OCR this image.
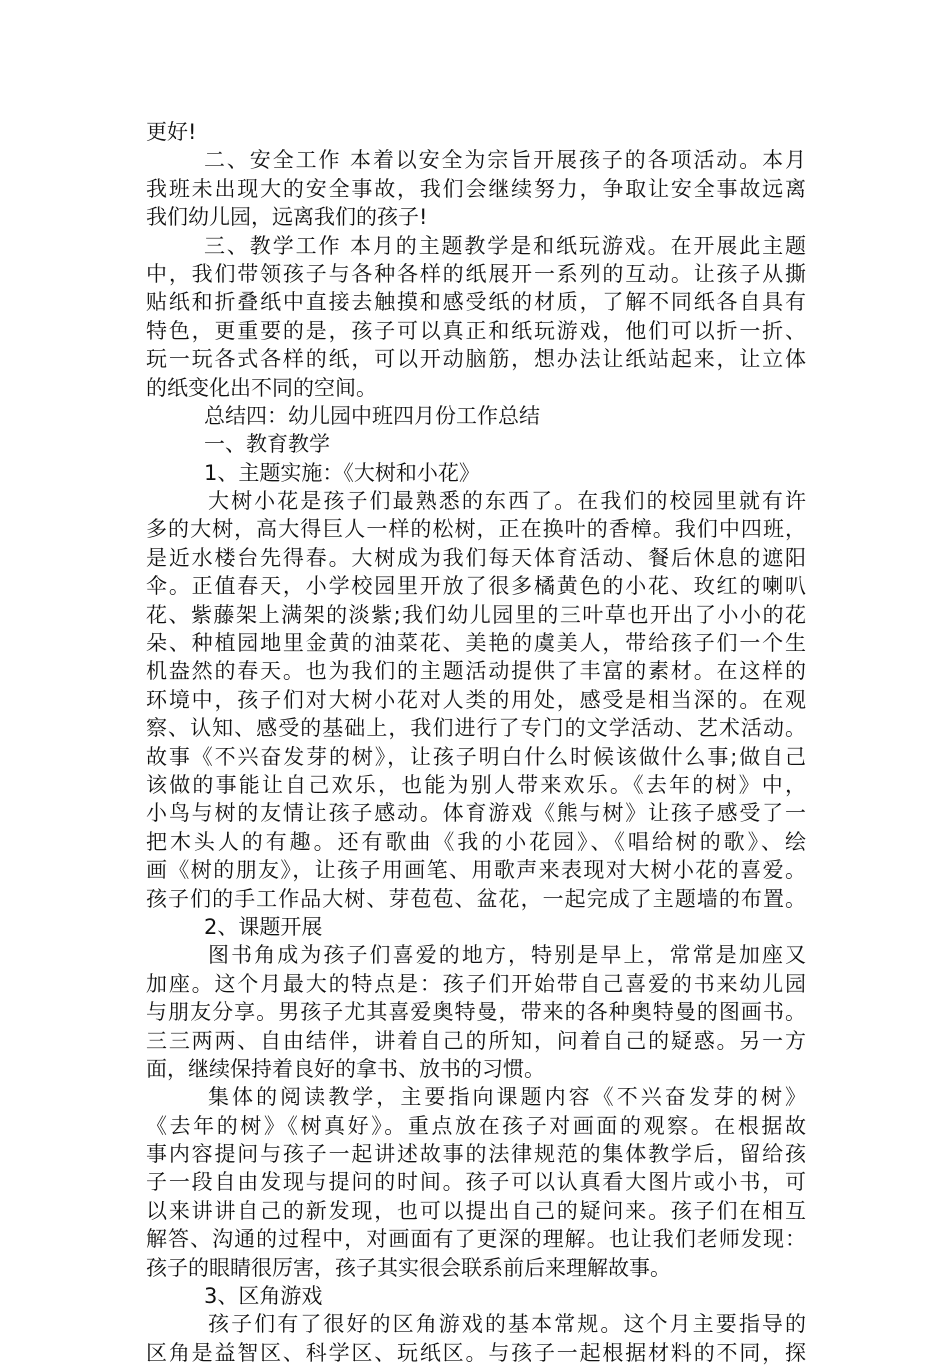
更好!
二、安全工作 本着以安全为宗旨开展孩子的各项活动。本月
我班未出现大的安全事故，我们会继续努力，争取让安全事故远离
我们幼儿园，远离我们的孩子!
三、教学工作 本月的主题教学是和纸玩游戏。在开展此主题
中，我们带领孩子与各种各样的纸展开一系列的互动。让孩子从撕
贴纸和折叠纸中直接去触摸和感受纸的材质，了解不同纸各自具有
特色，更重要的是，孩子可以真正和纸玩游戏，他们可以折一折、
玩一玩各式各样的纸，可以开动脑筋，想办法让纸站起来，让立体
的纸变化出不同的空间。
总结四：幼儿园中班四月份工作总结
一、教育教学
1、主题实施：《大树和小花》
大树小花是孩子们最熟悉的东西了。在我们的校园里就有许
多的大树，高大得巨人一样的松树，正在换叶的香樟。我们中四班，
是近水楼台先得春。大树成为我们每天体育活动、餐后休息的遮阳
伞。正值春天，小学校园里开放了很多橘黄色的小花、玫红的喇叭
花、紫藤架上满架的淡紫;我们幼儿园里的三叶草也开出了小小的花
朵、种植园地里金黄的油菜花、美艳的虞美人，带给孩子们一个生
机盎然的春天。也为我们的主题活动提供了丰富的素材。在这样的
环境中，孩子们对大树小花对人类的用处，感受是相当深的。在观
察、认知、感受的基础上，我们进行了专门的文学活动、艺术活动。
故事《不兴奋发芽的树》，让孩子明白什么时候该做什么事;做自己
该做的事能让自己欢乐，也能为别人带来欢乐。《去年的树》中，
小鸟与树的友情让孩子感动。体育游戏《熊与树》让孩子感受了一
把木头人的有趣。还有歌曲《我的小花园》、《唱给树的歌》、绘
画《树的朋友》，让孩子用画笔、用歌声来表现对大树小花的喜爱。
孩子们的手工作品大树、芽苞苞、盆花，一起完成了主题墙的布置。
2、课题开展
图书角成为孩子们喜爱的地方，特别是早上，常常是加座又
加座。这个月最大的特点是：孩子们开始带自己喜爱的书来幼儿园
与朋友分享。男孩子尤其喜爱奥特曼，带来的各种奥特曼的图画书。
三三两两、自由结伴，讲着自己的所知，问着自己的疑惑。另一方
面，继续保持着良好的拿书、放书的习惯。
集体的阅读教学，主要指向课题内容《不兴奋发芽的树》
《去年的树》《树真好》。重点放在孩子对画面的观察。在根据故
事内容提问与孩子一起讲述故事的法律规范的集体教学后，留给孩
子一段自由发现与提问的时间。孩子可以认真看大图片或小书，可
以来讲讲自己的新发现，也可以提出自己的疑问来。孩子们在相互
解答、沟通的过程中，对画面有了更深的理解。也让我们老师发现：
孩子的眼睛很厉害，孩子其实很会联系前后来理解故事。
3、区角游戏
孩子们有了很好的区角游戏的基本常规。这个月主要指导的
区角是益智区、科学区、玩纸区。与孩子一起根据材料的不同，探
